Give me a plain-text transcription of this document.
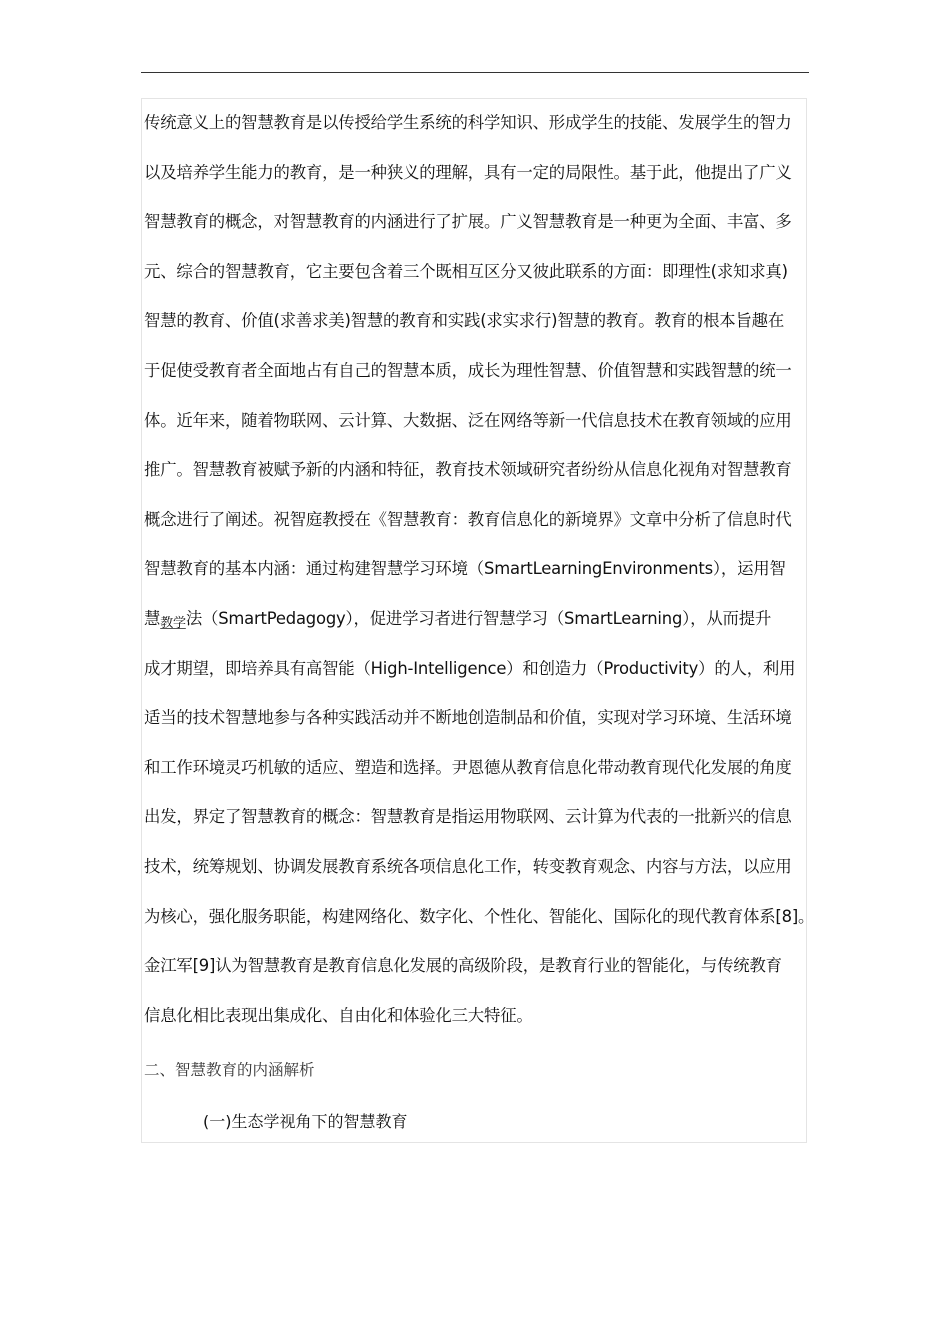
传统意义上的智慧教育是以传授给学生系统的科学知识、形成学生的技能、发展学生的智力
以及培养学生能力的教育，是一种狭义的理解，具有一定的局限性。基于此，他提出了广义
智慧教育的概念，对智慧教育的内涵进行了扩展。广义智慧教育是一种更为全面、丰富、多
元、综合的智慧教育，它主要包含着三个既相互区分又彼此联系的方面：即理性(求知求真)
智慧的教育、价值(求善求美)智慧的教育和实践(求实求行)智慧的教育。教育的根本旨趣在
于促使受教育者全面地占有自己的智慧本质，成长为理性智慧、价值智慧和实践智慧的统一
体。近年来，随着物联网、云计算、大数据、泛在网络等新一代信息技术在教育领域的应用
推广。智慧教育被赋予新的内涵和特征，教育技术领域研究者纷纷从信息化视角对智慧教育
概念进行了阐述。祝智庭教授在《智慧教育：教育信息化的新境界》文章中分析了信息时代
智慧教育的基本内涵：通过构建智慧学习环境（SmartLearningEnvironments），运用智
慧教学法（SmartPedagogy），促进学习者进行智慧学习（SmartLearning），从而提升
成才期望，即培养具有高智能（High-Intelligence）和创造力（Productivity）的人，利用
适当的技术智慧地参与各种实践活动并不断地创造制品和价值，实现对学习环境、生活环境
和工作环境灵巧机敏的适应、塑造和选择。尹恩德从教育信息化带动教育现代化发展的角度
出发，界定了智慧教育的概念：智慧教育是指运用物联网、云计算为代表的一批新兴的信息
技术，统筹规划、协调发展教育系统各项信息化工作，转变教育观念、内容与方法，以应用
为核心，强化服务职能，构建网络化、数字化、个性化、智能化、国际化的现代教育体系[8]。
金江军[9]认为智慧教育是教育信息化发展的高级阶段，是教育行业的智能化，与传统教育
信息化相比表现出集成化、自由化和体验化三大特征。
二、智慧教育的内涵解析
(一)生态学视角下的智慧教育
